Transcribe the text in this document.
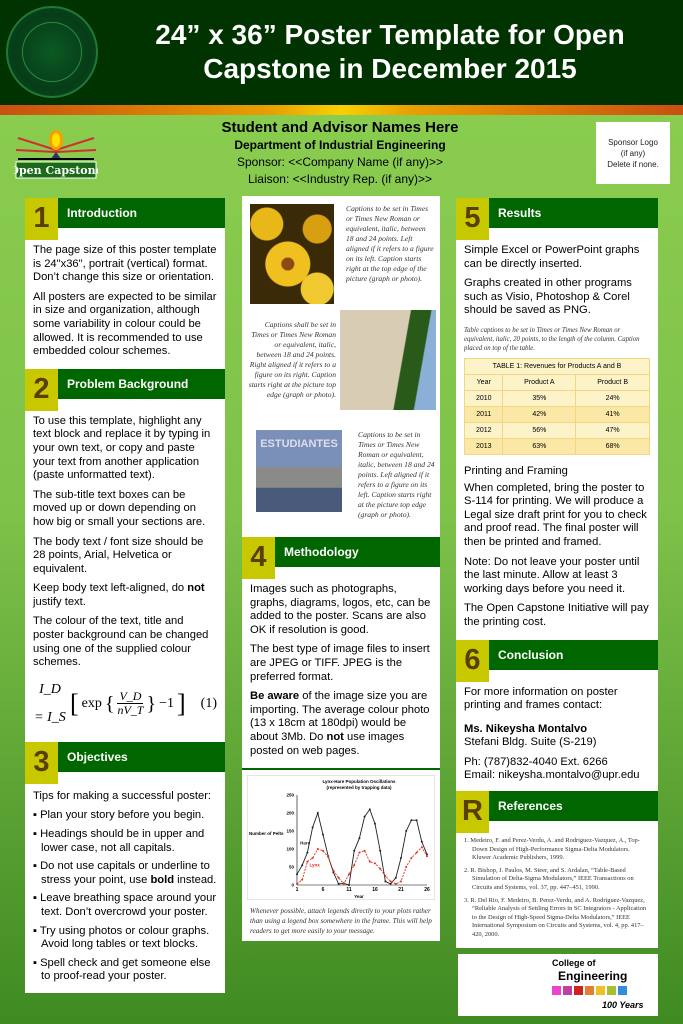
24” x 36” Poster Template for Open Capstone in December 2015
Open Capstone
Student and Advisor Names Here
Department of Industrial Engineering
Sponsor: <<Company Name (if any)>>
Liaison: <<Industry Rep. (if any)>>
Sponsor Logo
(if any)
Delete if none.
1	Introduction

The page size of this poster template is 24"x36", portrait (vertical) format. Don’t change this size or orientation.

All posters are expected to be similar in size and organization, although some variability in colour could be allowed. It is recommended to use embedded colour schemes.

2	Problem Background

To use this template, highlight any text block and replace it by typing in your own text, or copy and paste your text from another application (paste unformatted text).

The sub-title text boxes can be moved up or down depending on how big or small your sections are.

The body text / font size should be 28 points, Arial, Helvetica or equivalent.

Keep body text left-aligned, do not justify text.

The colour of the text, title and poster background can be changed using one of the supplied colour schemes.

I_D = I_S [ exp { $\frac{V\_D}{nV\_T}$ } −1 ] (1)
3	Objectives

Tips for making a successful poster:

▪ Plan your story before you begin.
▪ Headings should be in upper and lower case, not all capitals.
▪ Do not use capitals or underline to stress your point, use bold instead.
▪ Leave breathing space around your text. Don’t overcrowd your poster.
▪ Try using photos or colour graphs. Avoid long tables or text blocks.
▪ Spell check and get someone else to proof-read your poster.
Captions to be set in Times or Times New Roman or equivalent, italic, between 18 and 24 points. Left aligned if it refers to a figure on its left. Caption starts right at the top edge of the picture (graph or photo).
Captions shall be set in Times or Times New Roman or equivalent, italic, between 18 and 24 points. Right aligned if it refers to a figure on its right. Caption starts right at the picture top edge (graph or photo).
ESTUDIANTES
Captions to be set in Times or Times New Roman or equivalent, italic, between 18 and 24 points. Left aligned if it refers to a figure on its left. Caption starts right at the picture top edge (graph or photo).
4	Methodology

Images such as photographs, graphs, diagrams, logos, etc, can be added to the poster. Scans are also OK if resolution is good.

The best type of image files to insert are JPEG or TIFF. JPEG is the preferred format.

Be aware of the image size you are importing. The average colour photo (13 x 18cm at 180dpi) would be about 3Mb. Do not use images posted on web pages.

Lynx-Hare Population Oscillations
(represented by trapping data)
Number of Pelts
Year
0
50
100
150
200
250
1	6	11	16	21	26
Hare
Lynx
Whenever possible, attach legends directly to your plots rather than using a legend box somewhere in the frame. This will help readers to get more easily to your message.
5	Results

Simple Excel or PowerPoint graphs can be directly inserted.

Graphs created in other programs such as Visio, Photoshop & Corel should be saved as PNG.

Table captions to be set in Times or Times New Roman or equivalent, italic, 20 points, to the length of the column. Caption placed on top of the table.
TABLE 1: Revenues for Products A and B		
Year	Product A	Product B
2010	35%	24%
2011	42%	41%
2012	56%	47%
2013	63%	68%

Printing and Framing

When completed, bring the poster to S-114 for printing. We will produce a Legal size draft print for you to check and proof read. The final poster will then be printed and framed.

Note: Do not leave your poster until the last minute. Allow at least 3 working days before you need it.

The Open Capstone Initiative will pay the printing cost.

6	Conclusion

For more information on poster printing and frames contact:

Ms. Nikeysha Montalvo
Stefani Bldg. Suite (S-219)
Ph: (787)832-4040 Ext. 6266
Email: nikeysha.montalvo@upr.edu
R	References
1. Medeiro, F. and Perez-Verdu, A. and Rodriguez-Vazquez, A., Top-Down Design of High-Performance Sigma-Delta Modulators. Kluwer Academic Publishers, 1999.
2. R. Bishop, J. Paulos, M. Steer, and S. Ardalan, “Table-Based Simulation of Delta-Sigma Modulators,” IEEE Transactions on Circuits and Systems, vol. 37, pp. 447–451, 1990.
3. R. Del Rio, F. Medeiro, B. Perez-Verdu, and A. Rodriguez-Vazquez, “Reliable Analysis of Settling Errors in SC Integrators - Application to the Design of High-Speed Sigma-Delta Modulators,” IEEE International Symposium on Circuits and Systems, vol. 4, pp. 417–420, 2000.
College of
Engineering
100 Years
